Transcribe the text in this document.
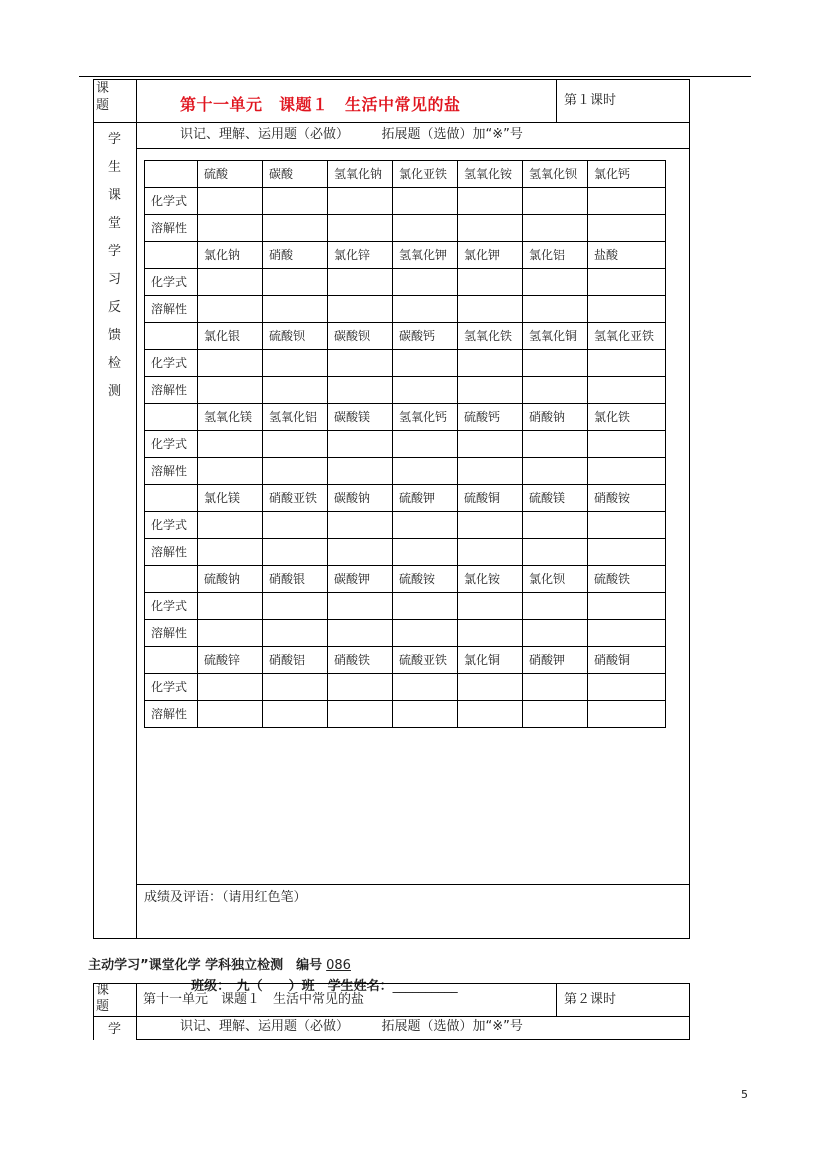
课题	第十一单元　课题１　生活中常见的盐	第１课时
学
生
课
堂
学
习
反
馈
检
测
识记、理解、运用题（必做）　　　拓展题（选做）加“※”号
	硫酸	碳酸	氢氧化钠	氯化亚铁	氢氧化铵	氢氧化钡	氯化钙
化学式							
溶解性							
	氯化钠	硝酸	氯化锌	氢氧化钾	氯化钾	氯化铝	盐酸
化学式							
溶解性							
	氯化银	硫酸钡	碳酸钡	碳酸钙	氢氧化铁	氢氧化铜	氢氧化亚铁
化学式							
溶解性							
	氢氧化镁	氢氧化铝	碳酸镁	氢氧化钙	硫酸钙	硝酸钠	氯化铁
化学式							
溶解性							
	氯化镁	硝酸亚铁	碳酸钠	硫酸钾	硫酸铜	硫酸镁	硝酸铵
化学式							
溶解性							
	硫酸钠	硝酸银	碳酸钾	硫酸铵	氯化铵	氯化钡	硫酸铁
化学式							
溶解性							
	硫酸锌	硝酸铝	硝酸铁	硫酸亚铁	氯化铜	硝酸钾	硝酸铜
化学式							
溶解性							
成绩及评语：（请用红色笔）

主动学习”课堂化学 学科独立检测　编号 086

班级：　九（　　）班　学生姓名：__________

课题	第十一单元　课题１　生活中常见的盐	第２课时
学	识记、理解、运用题（必做）　　　拓展题（选做）加“※”号
5
